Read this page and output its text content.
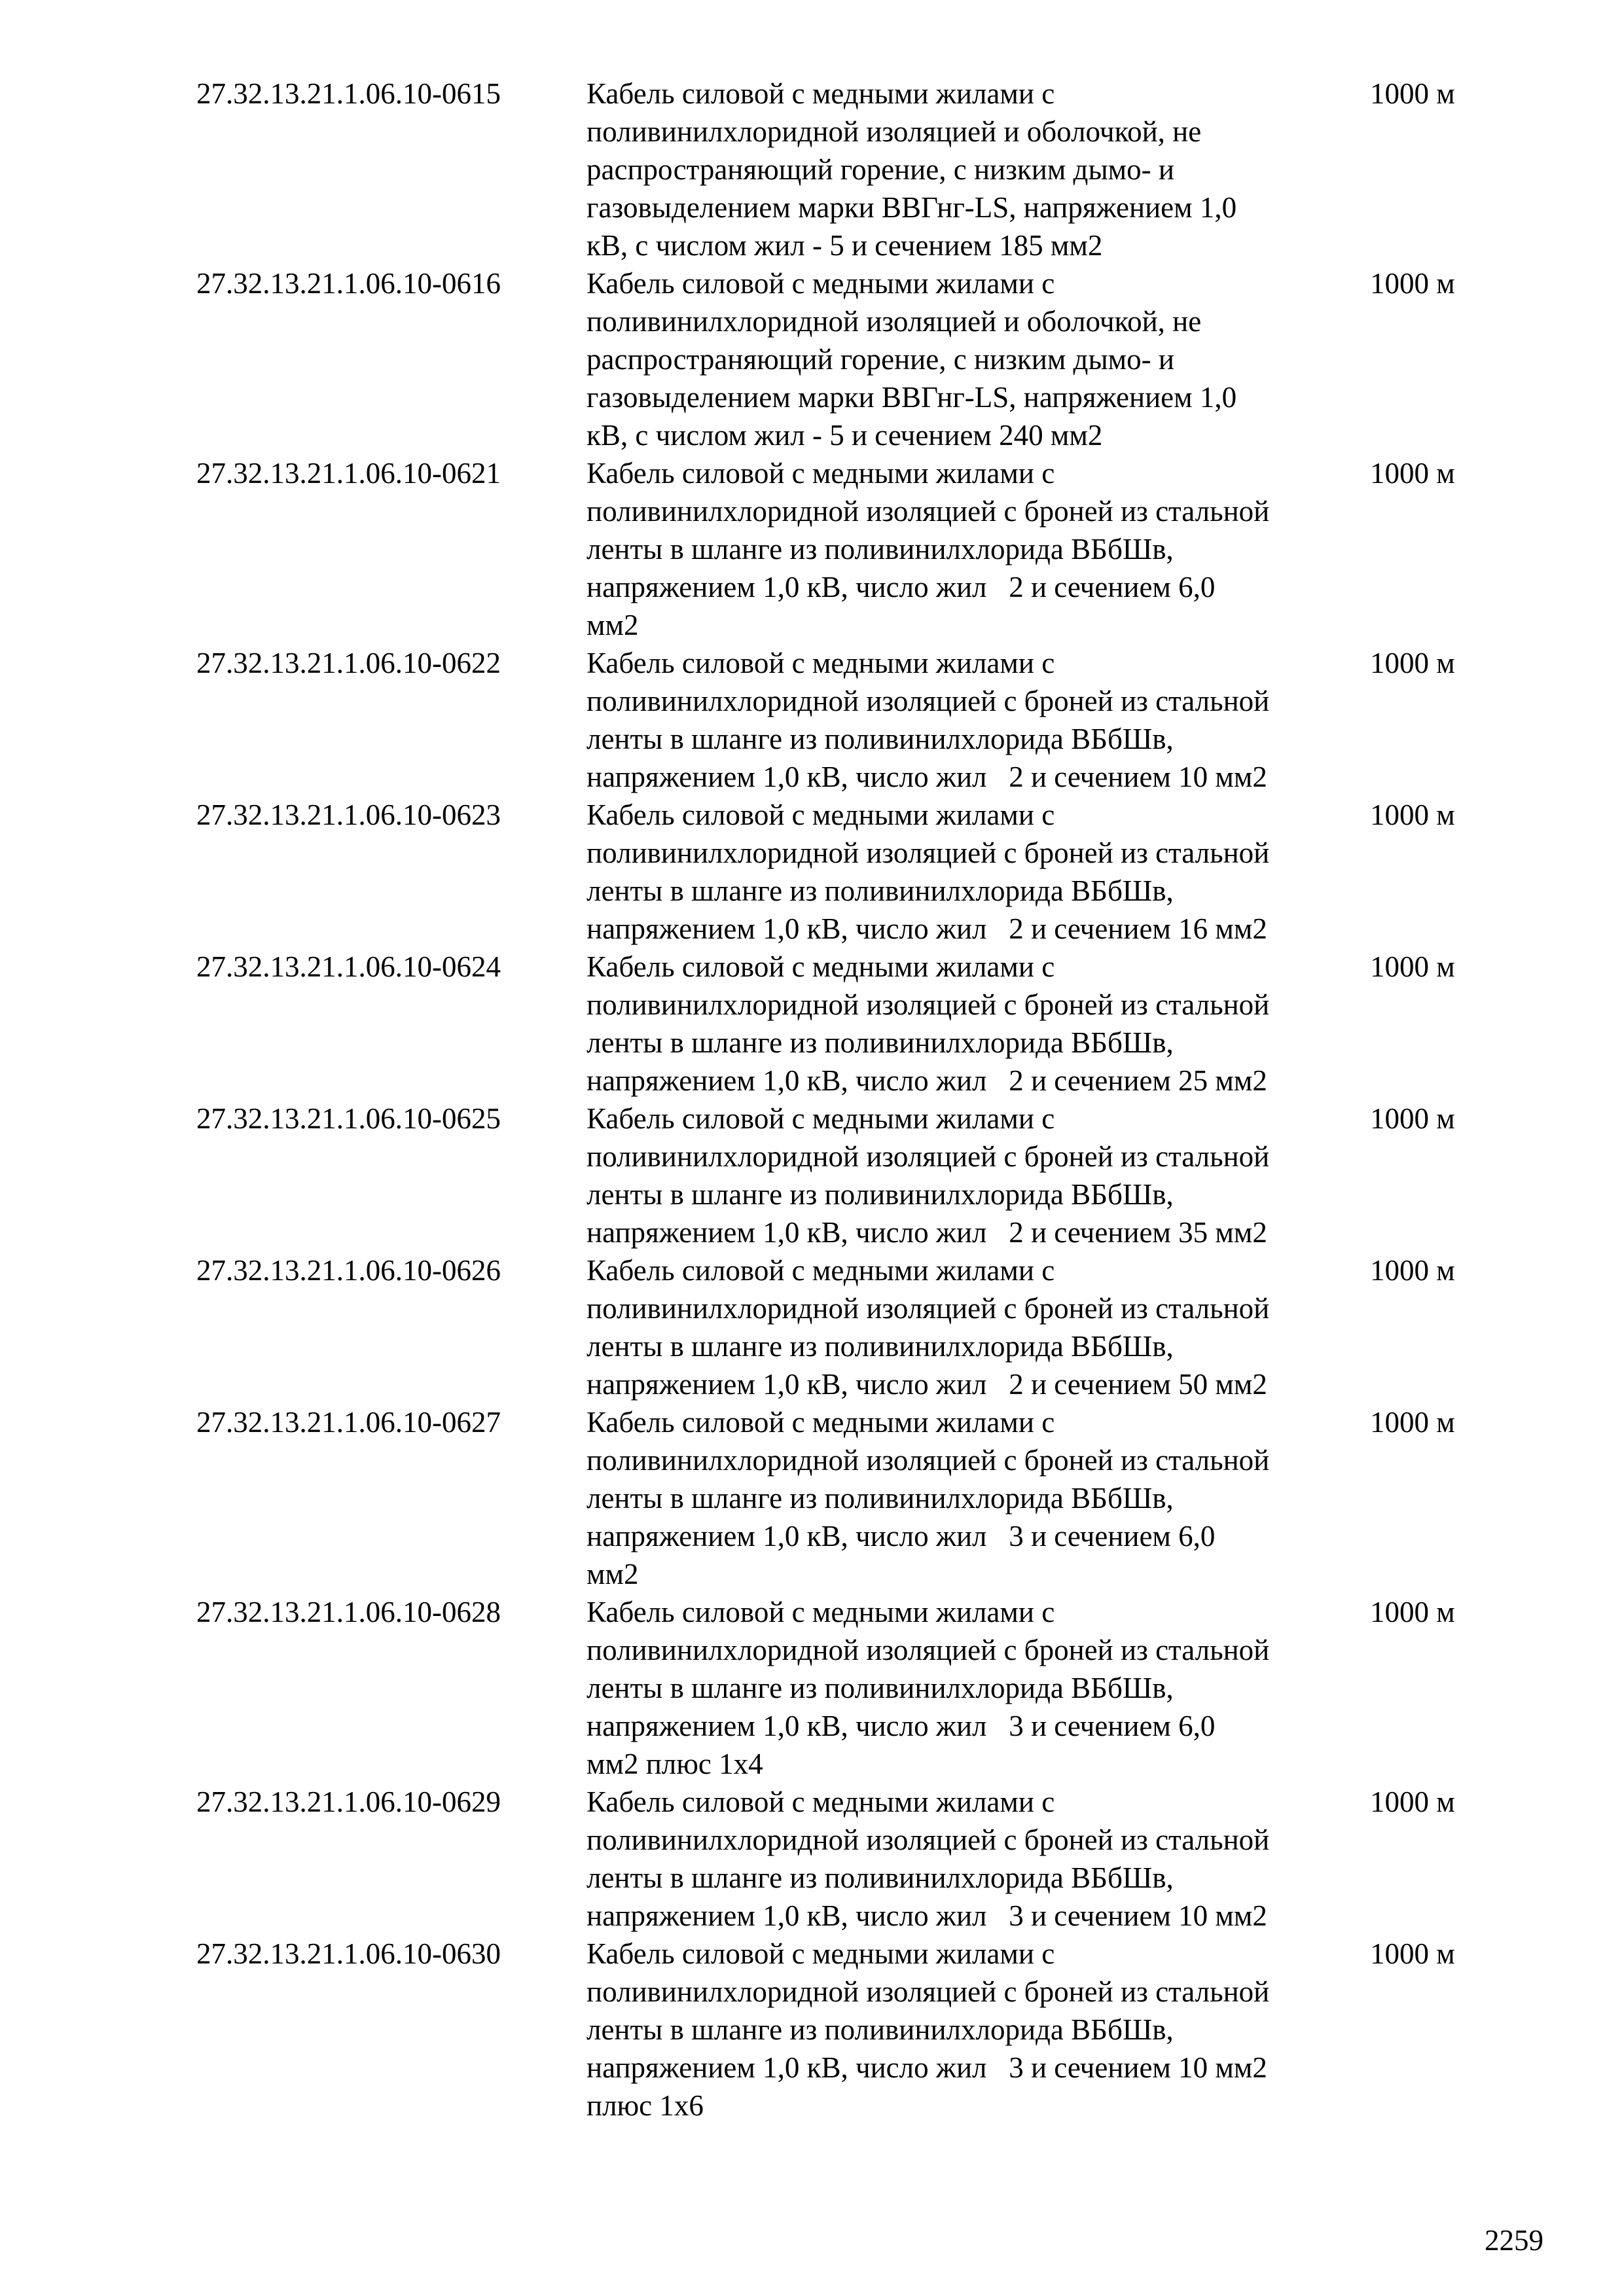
27.32.13.21.1.06.10-0615	Кабель силовой с медными жилами с
поливинилхлоридной изоляцией и оболочкой, не
распространяющий горение, с низким дымо- и
газовыделением марки ВВГнг-LS, напряжением 1,0
кВ, с числом жил - 5 и сечением 185 мм2
1000 м
27.32.13.21.1.06.10-0616	Кабель силовой с медными жилами с
поливинилхлоридной изоляцией и оболочкой, не
распространяющий горение, с низким дымо- и
газовыделением марки ВВГнг-LS, напряжением 1,0
кВ, с числом жил - 5 и сечением 240 мм2
1000 м
27.32.13.21.1.06.10-0621	Кабель силовой с медными жилами с
поливинилхлоридной изоляцией с броней из стальной
ленты в шланге из поливинилхлорида ВБбШв,
напряжением 1,0 кВ, число жил   2 и сечением 6,0
мм2
1000 м
27.32.13.21.1.06.10-0622	Кабель силовой с медными жилами с
поливинилхлоридной изоляцией с броней из стальной
ленты в шланге из поливинилхлорида ВБбШв,
напряжением 1,0 кВ, число жил   2 и сечением 10 мм2
1000 м
27.32.13.21.1.06.10-0623	Кабель силовой с медными жилами с
поливинилхлоридной изоляцией с броней из стальной
ленты в шланге из поливинилхлорида ВБбШв,
напряжением 1,0 кВ, число жил   2 и сечением 16 мм2
1000 м
27.32.13.21.1.06.10-0624	Кабель силовой с медными жилами с
поливинилхлоридной изоляцией с броней из стальной
ленты в шланге из поливинилхлорида ВБбШв,
напряжением 1,0 кВ, число жил   2 и сечением 25 мм2
1000 м
27.32.13.21.1.06.10-0625	Кабель силовой с медными жилами с
поливинилхлоридной изоляцией с броней из стальной
ленты в шланге из поливинилхлорида ВБбШв,
напряжением 1,0 кВ, число жил   2 и сечением 35 мм2
1000 м
27.32.13.21.1.06.10-0626	Кабель силовой с медными жилами с
поливинилхлоридной изоляцией с броней из стальной
ленты в шланге из поливинилхлорида ВБбШв,
напряжением 1,0 кВ, число жил   2 и сечением 50 мм2
1000 м
27.32.13.21.1.06.10-0627	Кабель силовой с медными жилами с
поливинилхлоридной изоляцией с броней из стальной
ленты в шланге из поливинилхлорида ВБбШв,
напряжением 1,0 кВ, число жил   3 и сечением 6,0
мм2
1000 м
27.32.13.21.1.06.10-0628	Кабель силовой с медными жилами с
поливинилхлоридной изоляцией с броней из стальной
ленты в шланге из поливинилхлорида ВБбШв,
напряжением 1,0 кВ, число жил   3 и сечением 6,0
мм2 плюс 1х4
1000 м
27.32.13.21.1.06.10-0629	Кабель силовой с медными жилами с
поливинилхлоридной изоляцией с броней из стальной
ленты в шланге из поливинилхлорида ВБбШв,
напряжением 1,0 кВ, число жил   3 и сечением 10 мм2
1000 м
27.32.13.21.1.06.10-0630	Кабель силовой с медными жилами с
поливинилхлоридной изоляцией с броней из стальной
ленты в шланге из поливинилхлорида ВБбШв,
напряжением 1,0 кВ, число жил   3 и сечением 10 мм2
плюс 1х6
1000 м
2259
